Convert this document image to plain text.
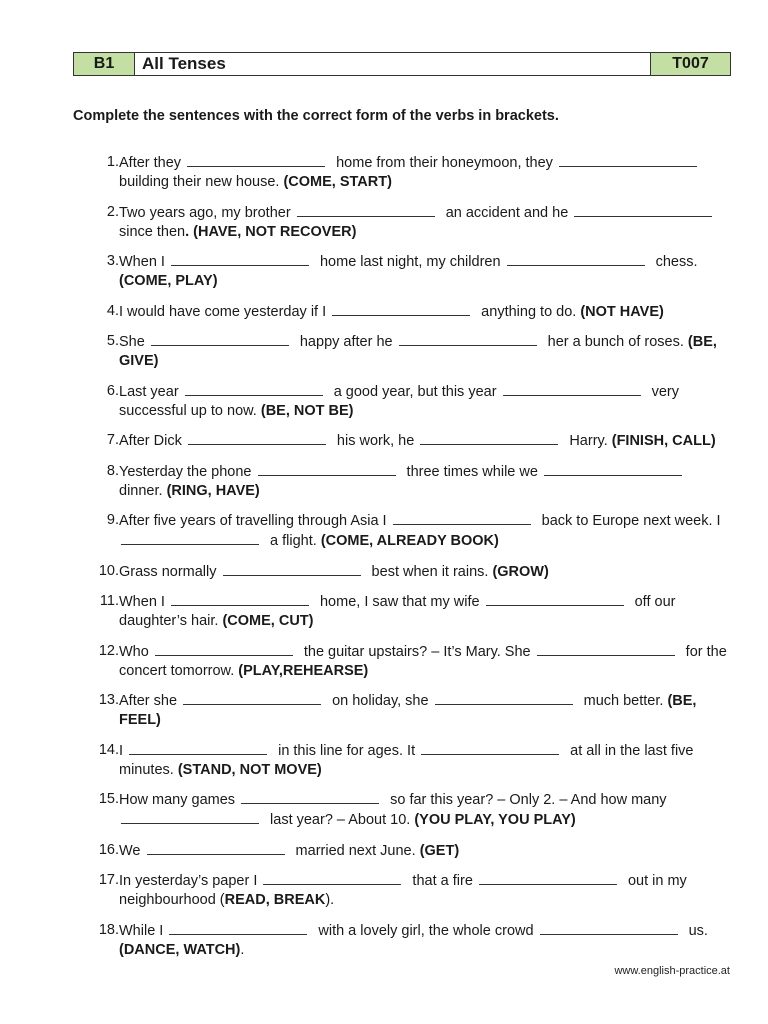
B1	All Tenses	T007
Complete the sentences with the correct form of the verbs in brackets.
1. After they	home from their honeymoon, they  building their new house. (COME, START)
2. Two years ago, my brother	an accident and he  since then. (HAVE, NOT RECOVER)
3. When I	home last night, my children	chess. (COME, PLAY)
4. I would have come yesterday if I	anything to do. (NOT HAVE)
5. She	happy after he	her a bunch of roses. (BE, GIVE)
6. Last year	a good year, but this year	very successful up to now. (BE, NOT BE)
7. After Dick	his work, he	Harry. (FINISH, CALL)
8. Yesterday the phone	three times while we  dinner. (RING, HAVE)
9. After five years of travelling through Asia I	back to Europe next week. I  a flight. (COME, ALREADY BOOK)
10. Grass normally	best when it rains. (GROW)
11. When I	home, I saw that my wife	off our daughter’s hair. (COME, CUT)
12. Who	the guitar upstairs? – It’s Mary. She	for the concert tomorrow. (PLAY,REHEARSE)
13. After she	on holiday, she	much better. (BE, FEEL)
14. I	in this line for ages. It	at all in the last five minutes. (STAND, NOT MOVE)
15. How many games	so far this year? – Only 2. – And how many  last year? – About 10. (YOU PLAY, YOU PLAY)
16. We	married next June. (GET)
17. In yesterday’s paper I	that a fire	out in my neighbourhood (READ, BREAK).
18. While I	with a lovely girl, the whole crowd	us. (DANCE, WATCH).
www.english-practice.at
